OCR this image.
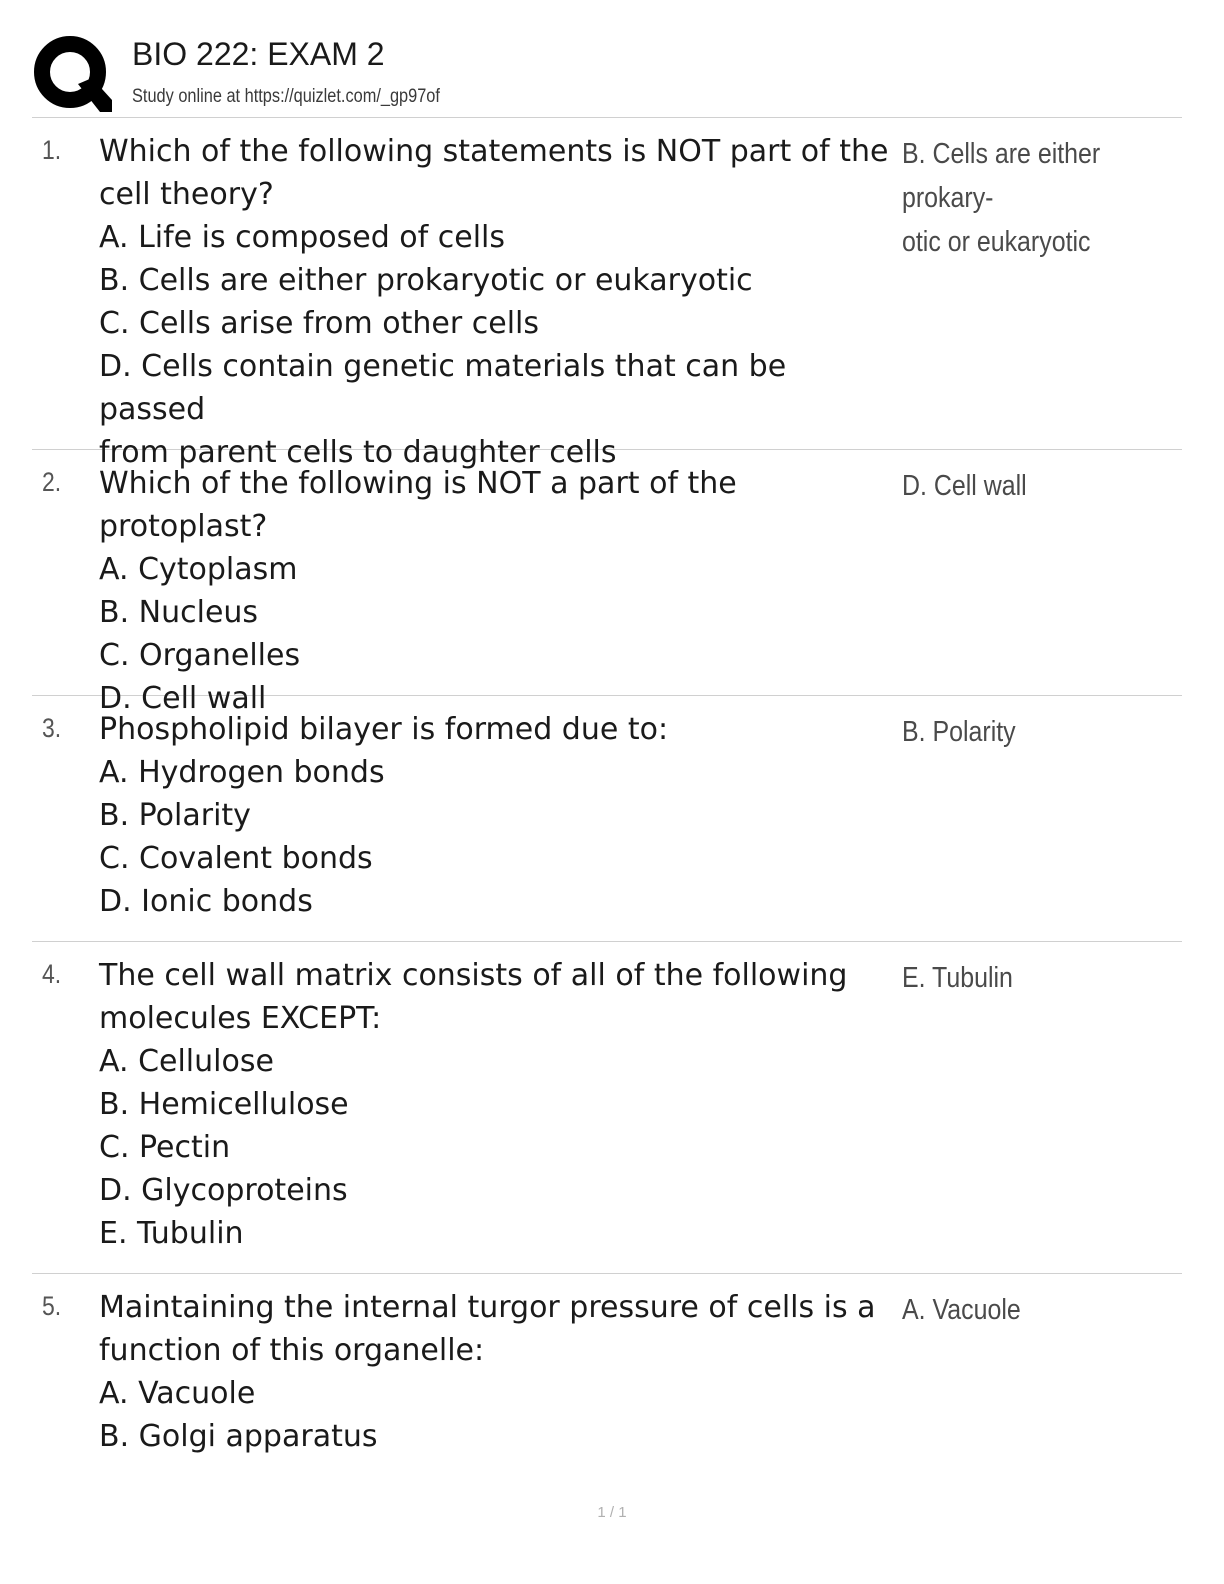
BIO 222: EXAM 2
Study online at https://quizlet.com/_gp97of
1. Which of the following statements is NOT part of the
cell theory?
A. Life is composed of cells
B. Cells are either prokaryotic or eukaryotic
C. Cells arise from other cells
D. Cells contain genetic materials that can be passed
from parent cells to daughter cells
B. Cells are either prokary-
otic or eukaryotic
2. Which of the following is NOT a part of the protoplast?
A. Cytoplasm
B. Nucleus
C. Organelles
D. Cell wall
D. Cell wall
3. Phospholipid bilayer is formed due to:
A. Hydrogen bonds
B. Polarity
C. Covalent bonds
D. Ionic bonds
B. Polarity
4. The cell wall matrix consists of all of the following
molecules EXCEPT:
A. Cellulose
B. Hemicellulose
C. Pectin
D. Glycoproteins
E. Tubulin
E. Tubulin
5. Maintaining the internal turgor pressure of cells is a
function of this organelle:
A. Vacuole
B. Golgi apparatus
A. Vacuole
1 / 1
